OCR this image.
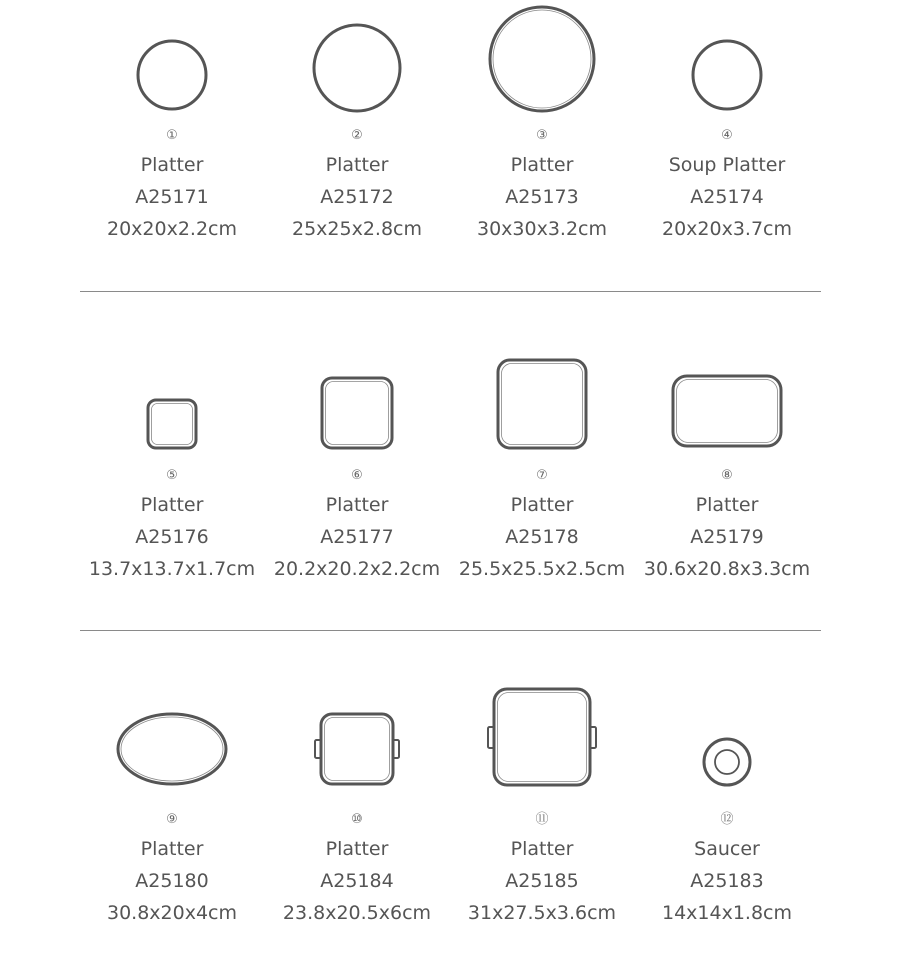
①
Platter
A25171
20x20x2.2cm
②
Platter
A25172
25x25x2.8cm
③
Platter
A25173
30x30x3.2cm
④
Soup Platter
A25174
20x20x3.7cm
⑤
Platter
A25176
13.7x13.7x1.7cm
⑥
Platter
A25177
20.2x20.2x2.2cm
⑦
Platter
A25178
25.5x25.5x2.5cm
⑧
Platter
A25179
30.6x20.8x3.3cm
⑨
Platter
A25180
30.8x20x4cm
⑩
Platter
A25184
23.8x20.5x6cm
⑪
Platter
A25185
31x27.5x3.6cm
⑫
Saucer
A25183
14x14x1.8cm
